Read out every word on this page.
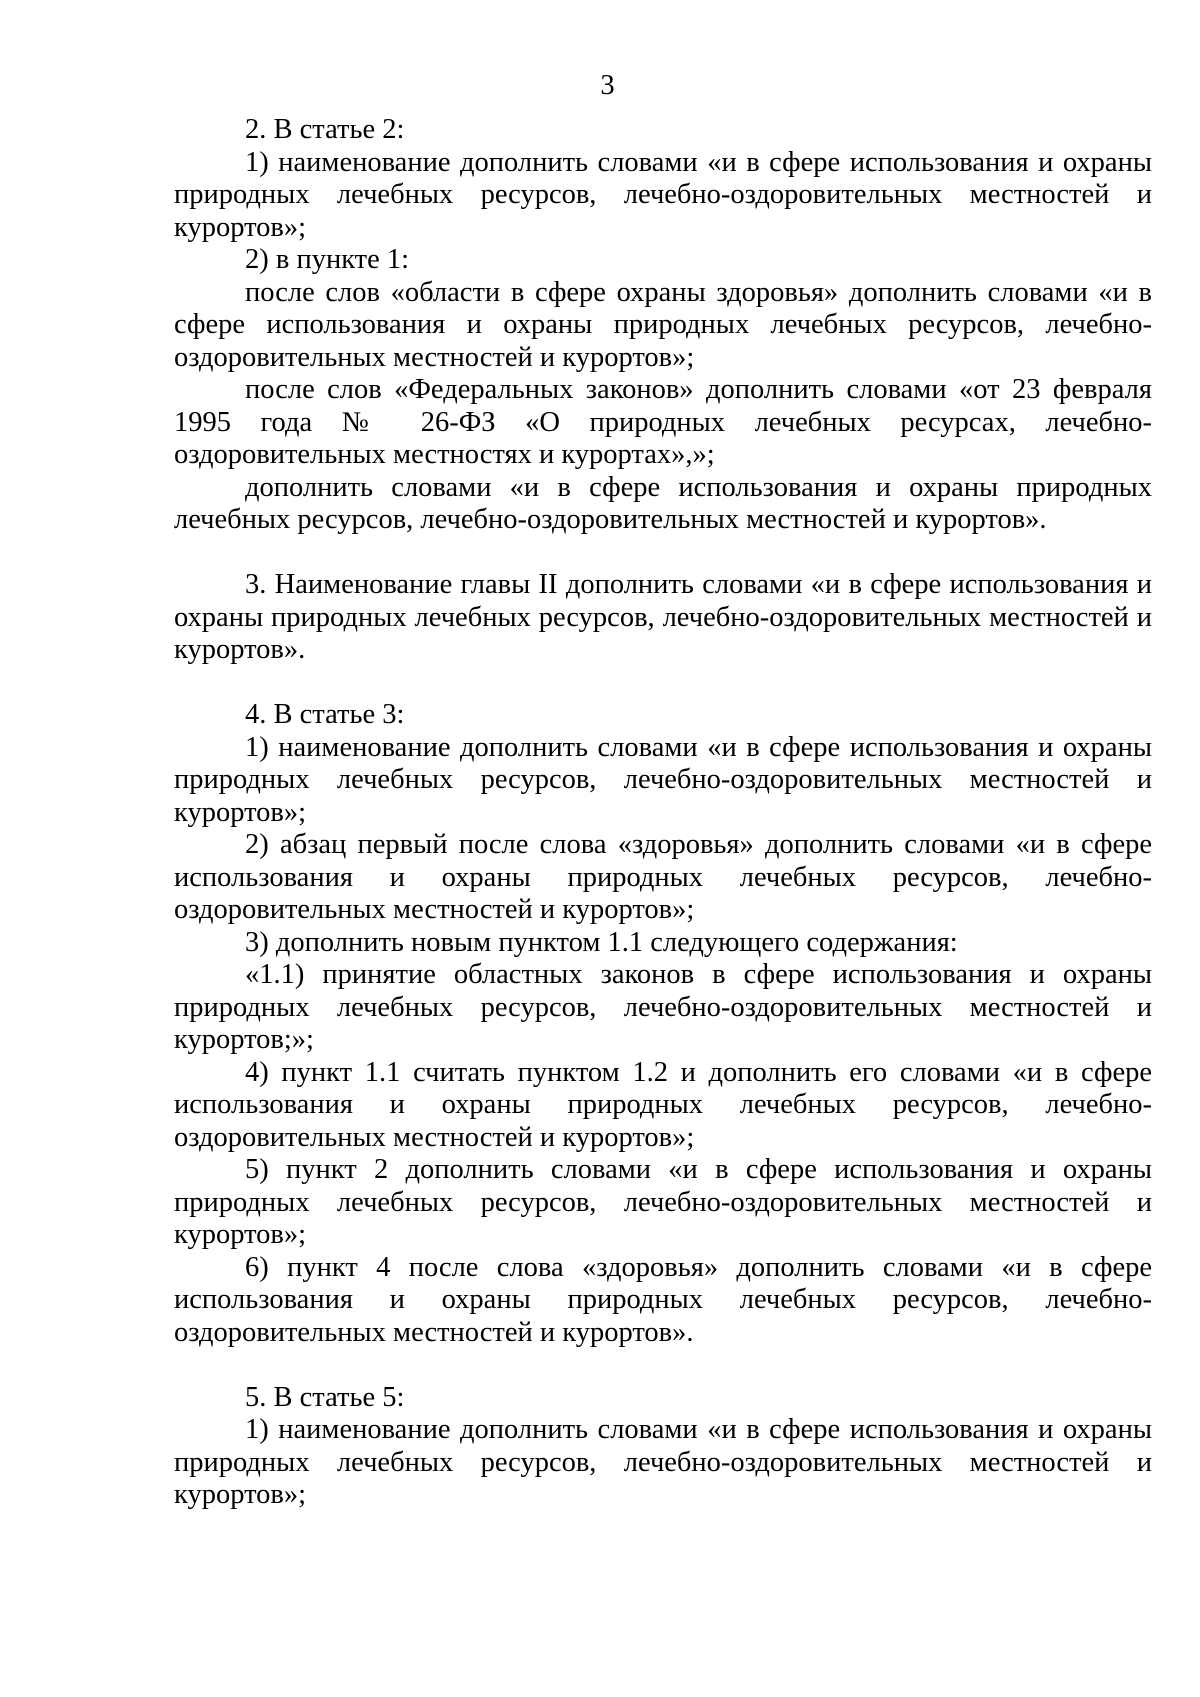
3

2. В статье 2:

1) наименование дополнить словами «и в сфере использования и охраны природных лечебных ресурсов, лечебно-оздоровительных местностей и курортов»;

2) в пункте 1:

после слов «области в сфере охраны здоровья» дополнить словами «и в сфере использования и охраны природных лечебных ресурсов, лечебно-оздоровительных местностей и курортов»;

после слов «Федеральных законов» дополнить словами «от 23 февраля 1995 года № 26-ФЗ «О природных лечебных ресурсах, лечебно-оздоровительных местностях и курортах»,»;

дополнить словами «и в сфере использования и охраны природных лечебных ресурсов, лечебно-оздоровительных местностей и курортов».

3. Наименование главы II дополнить словами «и в сфере использования и охраны природных лечебных ресурсов, лечебно-оздоровительных местностей и курортов».

4. В статье 3:

1) наименование дополнить словами «и в сфере использования и охраны природных лечебных ресурсов, лечебно-оздоровительных местностей и курортов»;

2) абзац первый после слова «здоровья» дополнить словами «и в сфере использования и охраны природных лечебных ресурсов, лечебно-оздоровительных местностей и курортов»;

3) дополнить новым пунктом 1.1 следующего содержания:

«1.1) принятие областных законов в сфере использования и охраны природных лечебных ресурсов, лечебно-оздоровительных местностей и курортов;»;

4) пункт 1.1 считать пунктом 1.2 и дополнить его словами «и в сфере использования и охраны природных лечебных ресурсов, лечебно-оздоровительных местностей и курортов»;

5) пункт 2 дополнить словами «и в сфере использования и охраны природных лечебных ресурсов, лечебно-оздоровительных местностей и курортов»;

6) пункт 4 после слова «здоровья» дополнить словами «и в сфере использования и охраны природных лечебных ресурсов, лечебно-оздоровительных местностей и курортов».

5. В статье 5:

1) наименование дополнить словами «и в сфере использования и охраны природных лечебных ресурсов, лечебно-оздоровительных местностей и курортов»;
